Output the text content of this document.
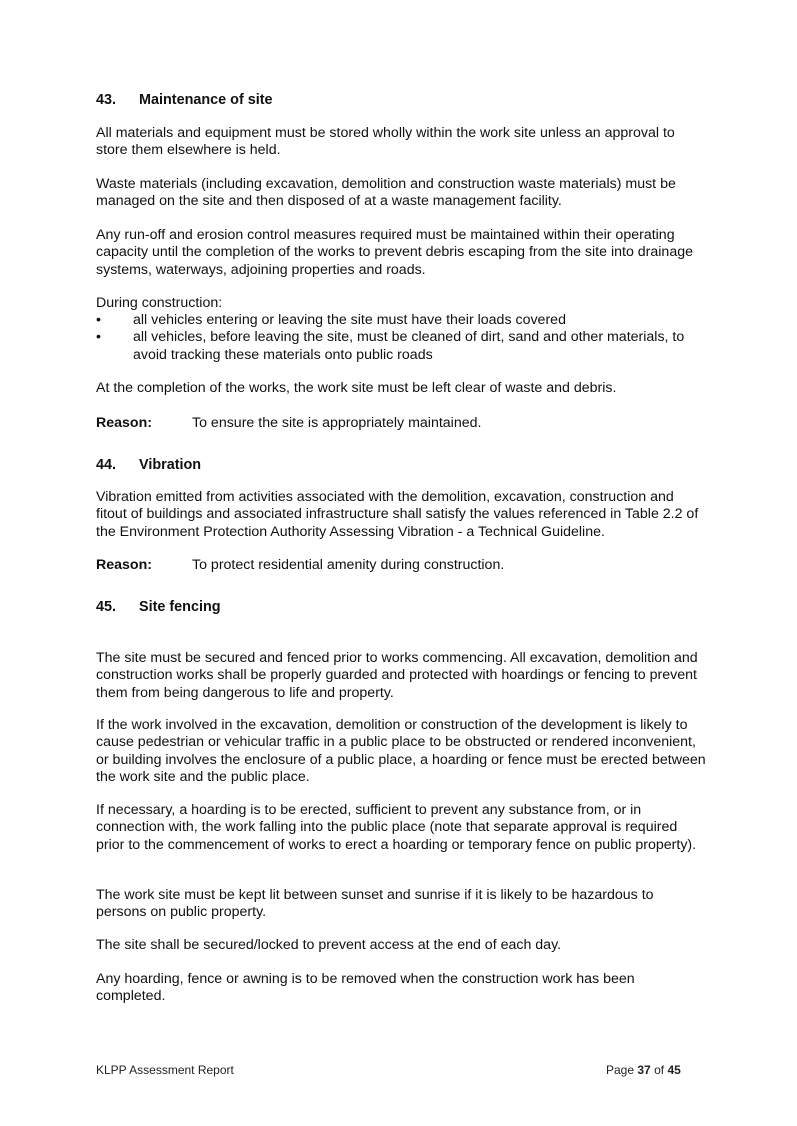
43. Maintenance of site
All materials and equipment must be stored wholly within the work site unless an approval to store them elsewhere is held.
Waste materials (including excavation, demolition and construction waste materials) must be managed on the site and then disposed of at a waste management facility.
Any run-off and erosion control measures required must be maintained within their operating capacity until the completion of the works to prevent debris escaping from the site into drainage systems, waterways, adjoining properties and roads.
During construction:
• all vehicles entering or leaving the site must have their loads covered
• all vehicles, before leaving the site, must be cleaned of dirt, sand and other materials, to avoid tracking these materials onto public roads
At the completion of the works, the work site must be left clear of waste and debris.
Reason:	To ensure the site is appropriately maintained.
44. Vibration
Vibration emitted from activities associated with the demolition, excavation, construction and fitout of buildings and associated infrastructure shall satisfy the values referenced in Table 2.2 of the Environment Protection Authority Assessing Vibration - a Technical Guideline.
Reason:	To protect residential amenity during construction.
45. Site fencing
The site must be secured and fenced prior to works commencing. All excavation, demolition and construction works shall be properly guarded and protected with hoardings or fencing to prevent them from being dangerous to life and property.
If the work involved in the excavation, demolition or construction of the development is likely to cause pedestrian or vehicular traffic in a public place to be obstructed or rendered inconvenient, or building involves the enclosure of a public place, a hoarding or fence must be erected between the work site and the public place.
If necessary, a hoarding is to be erected, sufficient to prevent any substance from, or in connection with, the work falling into the public place (note that separate approval is required prior to the commencement of works to erect a hoarding or temporary fence on public property).
The work site must be kept lit between sunset and sunrise if it is likely to be hazardous to persons on public property.
The site shall be secured/locked to prevent access at the end of each day.
Any hoarding, fence or awning is to be removed when the construction work has been completed.
KLPP Assessment Report	Page 37 of 45
